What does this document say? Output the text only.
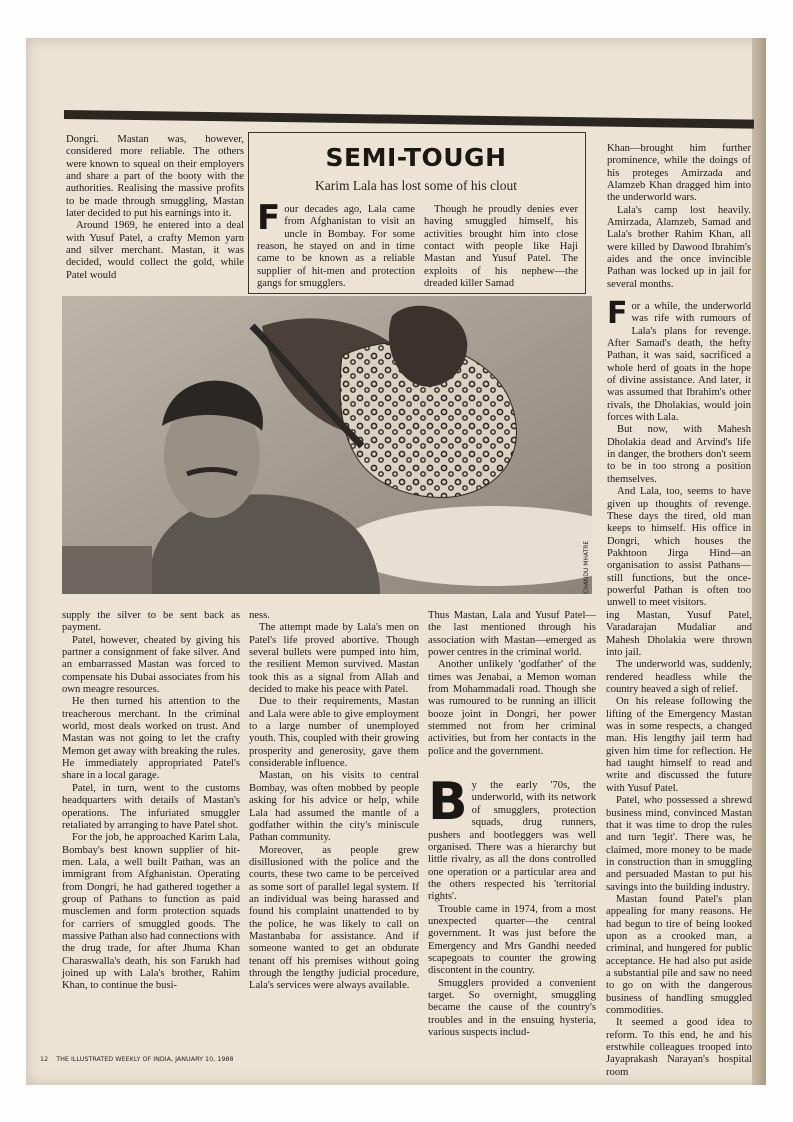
Dongri. Mastan was, however, considered more reliable. The others were known to squeal on their employers and share a part of the booty with the authorities. Realising the massive profits to be made through smuggling, Mastan later decided to put his earnings into it.

Around 1969, he entered into a deal with Yusuf Patel, a crafty Memon yarn and silver merchant. Mastan, it was decided, would collect the gold, while Patel would

SEMI-TOUGH
Karim Lala has lost some of his clout

Four decades ago, Lala came from Afghanistan to visit an uncle in Bombay. For some reason, he stayed on and in time came to be known as a reliable supplier of hit-men and protection gangs for smugglers.

Though he proudly denies ever having smuggled himself, his activities brought him into close contact with people like Haji Mastan and Yusuf Patel. The exploits of his nephew—the dreaded killer Samad

Khan—brought him further prominence, while the doings of his proteges Amirzada and Alamzeb Khan dragged him into the underworld wars.

Lala's camp lost heavily. Amirzada, Alamzeb, Samad and Lala's brother Rahim Khan, all were killed by Dawood Ibrahim's aides and the once invincible Pathan was locked up in jail for several months.

For a while, the underworld was rife with rumours of Lala's plans for revenge. After Samad's death, the hefty Pathan, it was said, sacrificed a whole herd of goats in the hope of divine assistance. And later, it was assumed that Ibrahim's other rivals, the Dholakias, would join forces with Lala.

But now, with Mahesh Dholakia dead and Arvind's life in danger, the brothers don't seem to be in too strong a position themselves.

And Lala, too, seems to have given up thoughts of revenge. These days the tired, old man keeps to himself. His office in Dongri, which houses the Pakhtoon Jirga Hind—an organisation to assist Pathans—still functions, but the once-powerful Pathan is often too unwell to meet visitors.

CHANDU MHATRE

supply the silver to be sent back as payment.

Patel, however, cheated by giving his partner a consignment of fake silver. And an embarrassed Mastan was forced to compensate his Dubai associates from his own meagre resources.

He then turned his attention to the treacherous merchant. In the criminal world, most deals worked on trust. And Mastan was not going to let the crafty Memon get away with breaking the rules. He immediately appropriated Patel's share in a local garage.

Patel, in turn, went to the customs headquarters with details of Mastan's operations. The infuriated smuggler retaliated by arranging to have Patel shot.

For the job, he approached Karim Lala, Bombay's best known supplier of hit-men. Lala, a well built Pathan, was an immigrant from Afghanistan. Operating from Dongri, he had gathered together a group of Pathans to function as paid musclemen and form protection squads for carriers of smuggled goods. The massive Pathan also had connections with the drug trade, for after Jhuma Khan Charaswalla's death, his son Farukh had joined up with Lala's brother, Rahim Khan, to continue the busi-

ness.

The attempt made by Lala's men on Patel's life proved abortive. Though several bullets were pumped into him, the resilient Memon survived. Mastan took this as a signal from Allah and decided to make his peace with Patel.

Due to their requirements, Mastan and Lala were able to give employment to a large number of unemployed youth. This, coupled with their growing prosperity and generosity, gave them considerable influence.

Mastan, on his visits to central Bombay, was often mobbed by people asking for his advice or help, while Lala had assumed the mantle of a godfather within the city's miniscule Pathan community.

Moreover, as people grew disillusioned with the police and the courts, these two came to be perceived as some sort of parallel legal system. If an individual was being harassed and found his complaint unattended to by the police, he was likely to call on Mastanbaba for assistance. And if someone wanted to get an obdurate tenant off his premises without going through the lengthy judicial procedure, Lala's services were always available.

Thus Mastan, Lala and Yusuf Patel—the last mentioned through his association with Mastan—emerged as power centres in the criminal world.

Another unlikely 'godfather' of the times was Jenabai, a Memon woman from Mohammadali road. Though she was rumoured to be running an illicit booze joint in Dongri, her power stemmed not from her criminal activities, but from her contacts in the police and the government.

By the early '70s, the underworld, with its network of smugglers, protection squads, drug runners, pushers and bootleggers was well organised. There was a hierarchy but little rivalry, as all the dons controlled one operation or a particular area and the others respected his 'territorial rights'.

Trouble came in 1974, from a most unexpected quarter—the central government. It was just before the Emergency and Mrs Gandhi needed scapegoats to counter the growing discontent in the country.

Smugglers provided a convenient target. So overnight, smuggling became the cause of the country's troubles and in the ensuing hysteria, various suspects includ-

ing Mastan, Yusuf Patel, Varadarajan Mudaliar and Mahesh Dholakia were thrown into jail.

The underworld was, suddenly, rendered headless while the country heaved a sigh of relief.

On his release following the lifting of the Emergency Mastan was in some respects, a changed man. His lengthy jail term had given him time for reflection. He had taught himself to read and write and discussed the future with Yusuf Patel.

Patel, who possessed a shrewd business mind, convinced Mastan that it was time to drop the rules and turn 'legit'. There was, he claimed, more money to be made in construction than in smuggling and persuaded Mastan to put his savings into the building industry.

Mastan found Patel's plan appealing for many reasons. He had begun to tire of being looked upon as a crooked man, a criminal, and hungered for public acceptance. He had also put aside a substantial pile and saw no need to go on with the dangerous business of handling smuggled commodities.

It seemed a good idea to reform. To this end, he and his erstwhile colleagues trooped into Jayaprakash Narayan's hospital room

12 THE ILLUSTRATED WEEKLY OF INDIA, JANUARY 10, 1988
